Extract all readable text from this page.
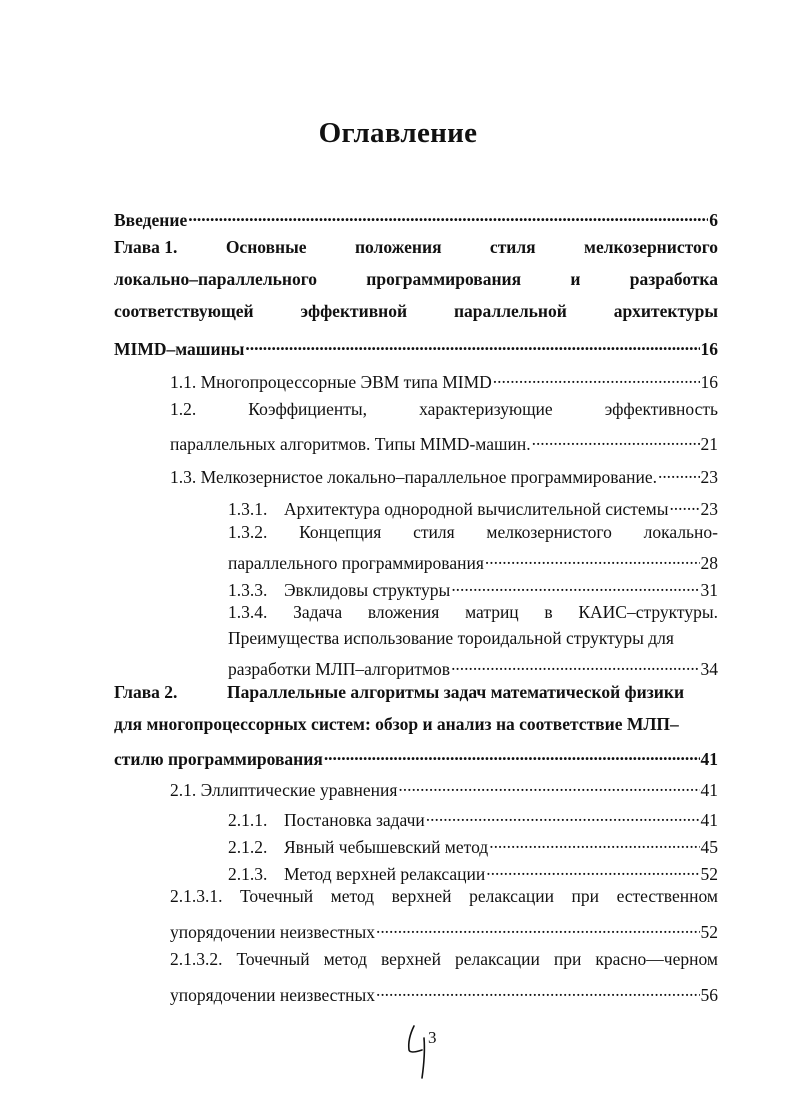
Оглавление
Введение . . .	6
Глава 1.	Основные	положения	стиля	мелкозернистого
локально–параллельного	программирования	и	разработка
соответствующей	эффективной	параллельной	архитектуры
MIMD–машины . . .	16
1.1. Многопроцессорные ЭВМ типа MIMD . . .	16
1.2.	Коэффициенты,	характеризующие	эффективность
параллельных алгоритмов. Типы MIMD-машин. . . .	21
1.3. Мелкозернистое локально–параллельное программирование. . . . 23
1.3.1. Архитектура однородной вычислительной системы . . . 23
1.3.2. Концепция стиля мелкозернистого локально-
параллельного программирования . . .	28
1.3.3. Эвклидовы структуры . . .	31
1.3.4. Задача вложения матриц в КАИС–структуры.
Преимущества использование тороидальной структуры для
разработки МЛП–алгоритмов . . .	34
Глава 2.	Параллельные алгоритмы задач математической физики
для многопроцессорных систем: обзор и анализ на соответствие МЛП–
стилю программирования . . .	41
2.1. Эллиптические уравнения . . .	41
2.1.1. Постановка задачи . . .	41
2.1.2. Явный чебышевский метод . . .	45
2.1.3. Метод верхней релаксации . . .	52
2.1.3.1. Точечный метод верхней релаксации при естественном
упорядочении неизвестных . . .	52
2.1.3.2. Точечный метод верхней релаксации при красно—черном
упорядочении неизвестных . . .	56
3
